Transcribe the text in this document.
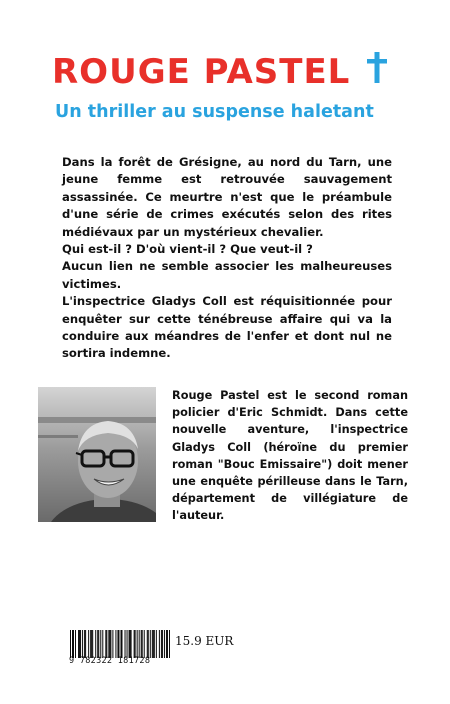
ROUGE PASTEL
Un thriller au suspense haletant

Dans la forêt de Grésigne, au nord du Tarn, une jeune femme est retrouvée sauvagement assassinée. Ce meurtre n'est que le préambule d'une série de crimes exécutés selon des rites médiévaux par un mystérieux chevalier.

Qui est-il ? D'où vient-il ? Que veut-il ?

Aucun lien ne semble associer les malheureuses victimes.

L'inspectrice Gladys Coll est réquisitionnée pour enquêter sur cette ténébreuse affaire qui va la conduire aux méandres de l'enfer et dont nul ne sortira indemne.

Rouge Pastel est le second roman policier d'Eric Schmidt. Dans cette nouvelle aventure, l'inspectrice Gladys Coll (héroïne du premier roman "Bouc Emissaire") doit mener une enquête périlleuse dans le Tarn, département de villégiature de l'auteur.
9 782322 181728
15.9 EUR
